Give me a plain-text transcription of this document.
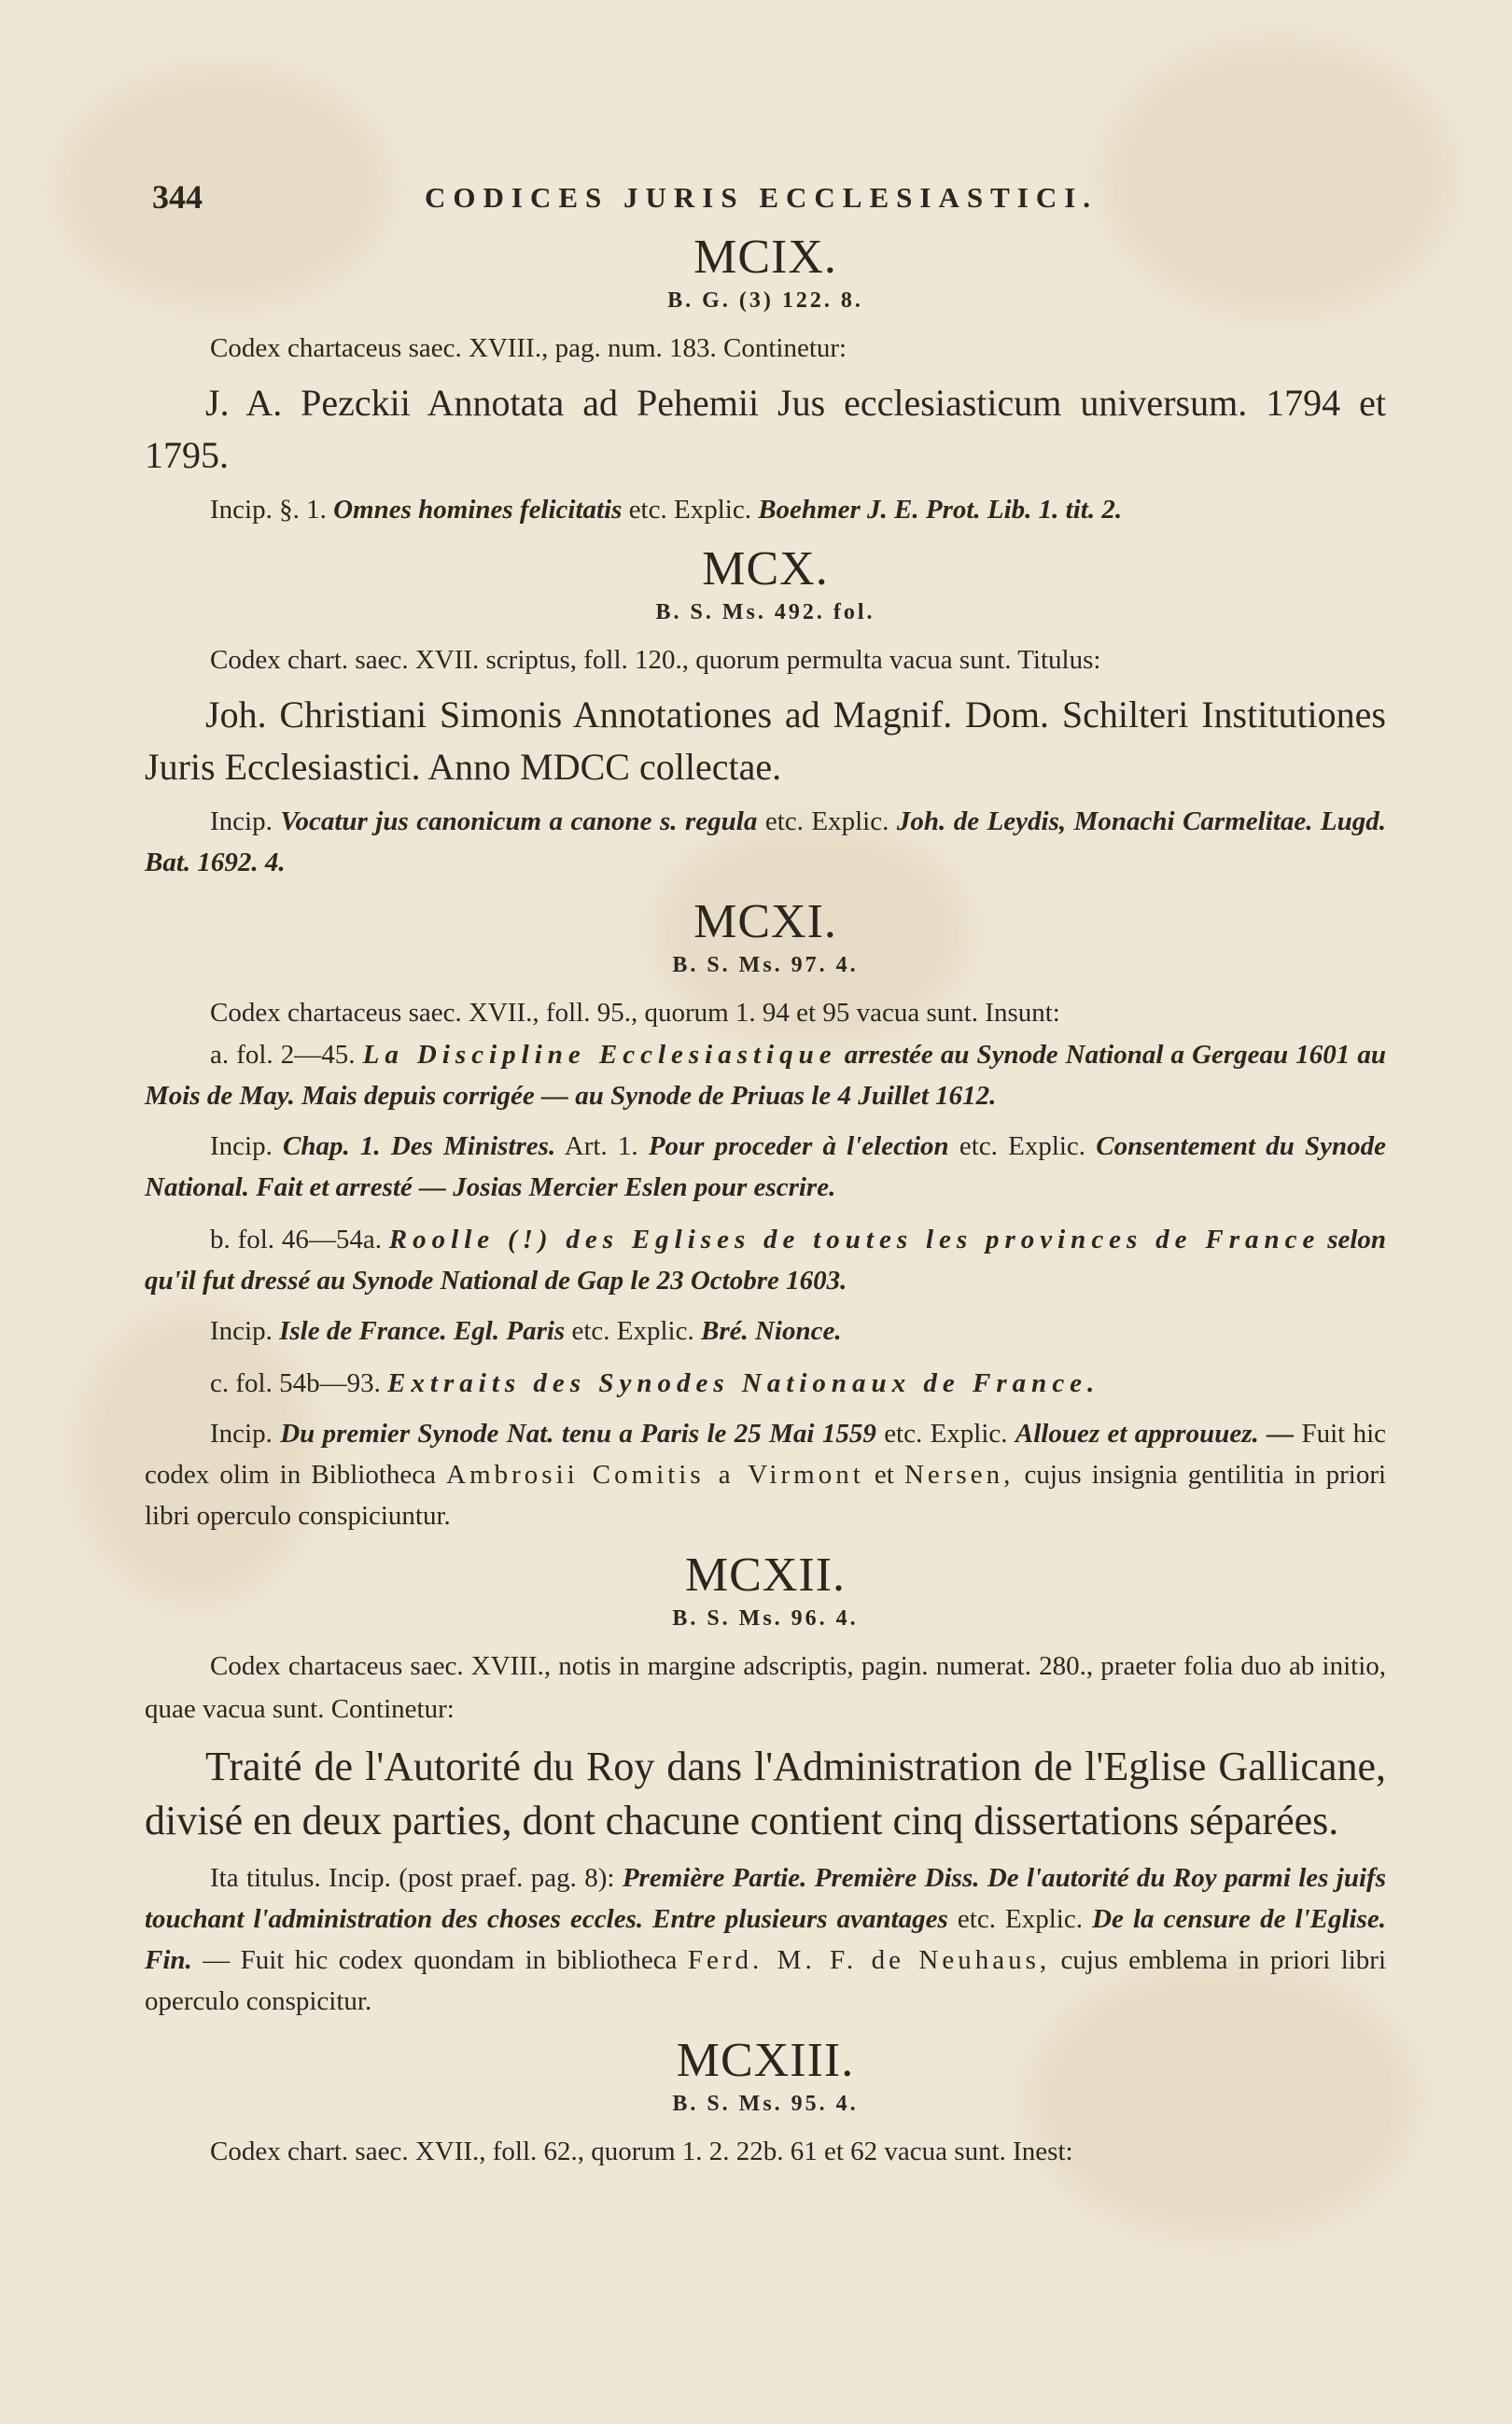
344	CODICES JURIS ECCLESIASTICI.
MCIX.
B. G. (3) 122. 8.

Codex chartaceus saec. XVIII., pag. num. 183. Continetur:

J. A. Pezckii Annotata ad Pehemii Jus ecclesiasticum universum. 1794 et 1795.

Incip. §. 1. Omnes homines felicitatis etc. Explic. Boehmer J. E. Prot. Lib. 1. tit. 2.

MCX.
B. S. Ms. 492. fol.

Codex chart. saec. XVII. scriptus, foll. 120., quorum permulta vacua sunt. Titulus:

Joh. Christiani Simonis Annotationes ad Magnif. Dom. Schilteri Institutiones Juris Ecclesiastici. Anno MDCC collectae.

Incip. Vocatur jus canonicum a canone s. regula etc. Explic. Joh. de Leydis, Monachi Carmelitae. Lugd. Bat. 1692. 4.

MCXI.
B. S. Ms. 97. 4.

Codex chartaceus saec. XVII., foll. 95., quorum 1. 94 et 95 vacua sunt. Insunt:

a. fol. 2—45. La Discipline Ecclesiastique arrestée au Synode National a Gergeau 1601 au Mois de May. Mais depuis corrigée — au Synode de Priuas le 4 Juillet 1612.

Incip. Chap. 1. Des Ministres. Art. 1. Pour proceder à l'election etc. Explic. Consentement du Synode National. Fait et arresté — Josias Mercier Eslen pour escrire.

b. fol. 46—54a. Roolle (!) des Eglises de toutes les provinces de France selon qu'il fut dressé au Synode National de Gap le 23 Octobre 1603.

Incip. Isle de France. Egl. Paris etc. Explic. Bré. Nionce.

c. fol. 54b—93. Extraits des Synodes Nationaux de France.

Incip. Du premier Synode Nat. tenu a Paris le 25 Mai 1559 etc. Explic. Allouez et approuuez. — Fuit hic codex olim in Bibliotheca Ambrosii Comitis a Virmont et Nersen, cujus insignia gentilitia in priori libri operculo conspiciuntur.

MCXII.
B. S. Ms. 96. 4.

Codex chartaceus saec. XVIII., notis in margine adscriptis, pagin. numerat. 280., praeter folia duo ab initio, quae vacua sunt. Continetur:

Traité de l'Autorité du Roy dans l'Administration de l'Eglise Gallicane, divisé en deux parties, dont chacune contient cinq dissertations séparées.

Ita titulus. Incip. (post praef. pag. 8): Première Partie. Première Diss. De l'autorité du Roy parmi les juifs touchant l'administration des choses eccles. Entre plusieurs avantages etc. Explic. De la censure de l'Eglise. Fin. — Fuit hic codex quondam in bibliotheca Ferd. M. F. de Neuhaus, cujus emblema in priori libri operculo conspicitur.

MCXIII.
B. S. Ms. 95. 4.

Codex chart. saec. XVII., foll. 62., quorum 1. 2. 22b. 61 et 62 vacua sunt. Inest:
